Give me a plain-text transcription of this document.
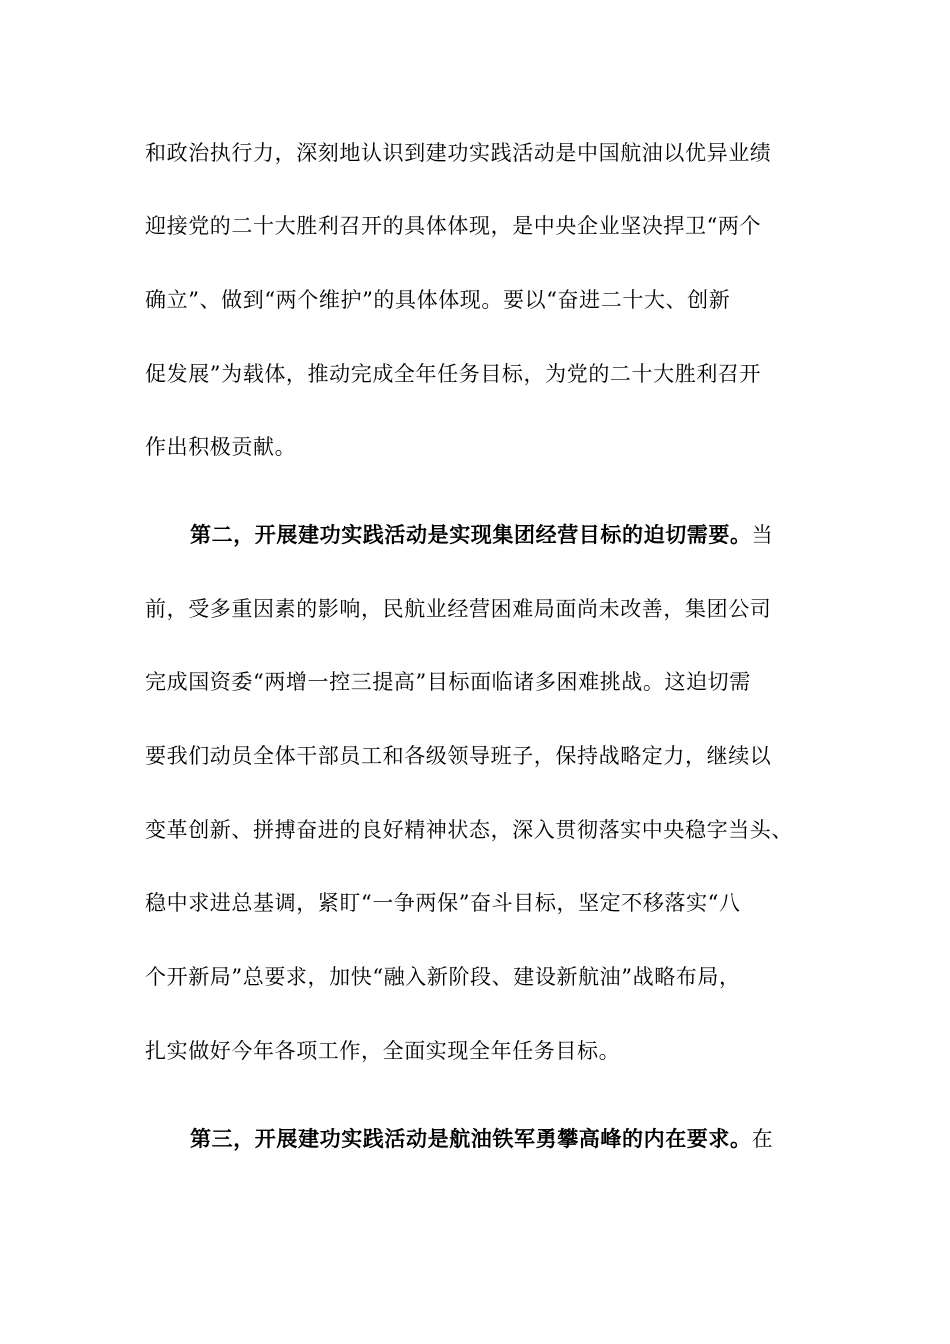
和政治执行力，深刻地认识到建功实践活动是中国航油以优异业绩
迎接党的二十大胜利召开的具体体现，是中央企业坚决捍卫“两个
确立”、做到“两个维护”的具体体现。要以“奋进二十大、创新
促发展”为载体，推动完成全年任务目标，为党的二十大胜利召开
作出积极贡献。
第二，开展建功实践活动是实现集团经营目标的迫切需要。当
前，受多重因素的影响，民航业经营困难局面尚未改善，集团公司
完成国资委“两增一控三提高”目标面临诸多困难挑战。这迫切需
要我们动员全体干部员工和各级领导班子，保持战略定力，继续以
变革创新、拼搏奋进的良好精神状态，深入贯彻落实中央稳字当头、
稳中求进总基调，紧盯“一争两保”奋斗目标，坚定不移落实“八
个开新局”总要求，加快“融入新阶段、建设新航油”战略布局，
扎实做好今年各项工作，全面实现全年任务目标。
第三，开展建功实践活动是航油铁军勇攀高峰的内在要求。在
